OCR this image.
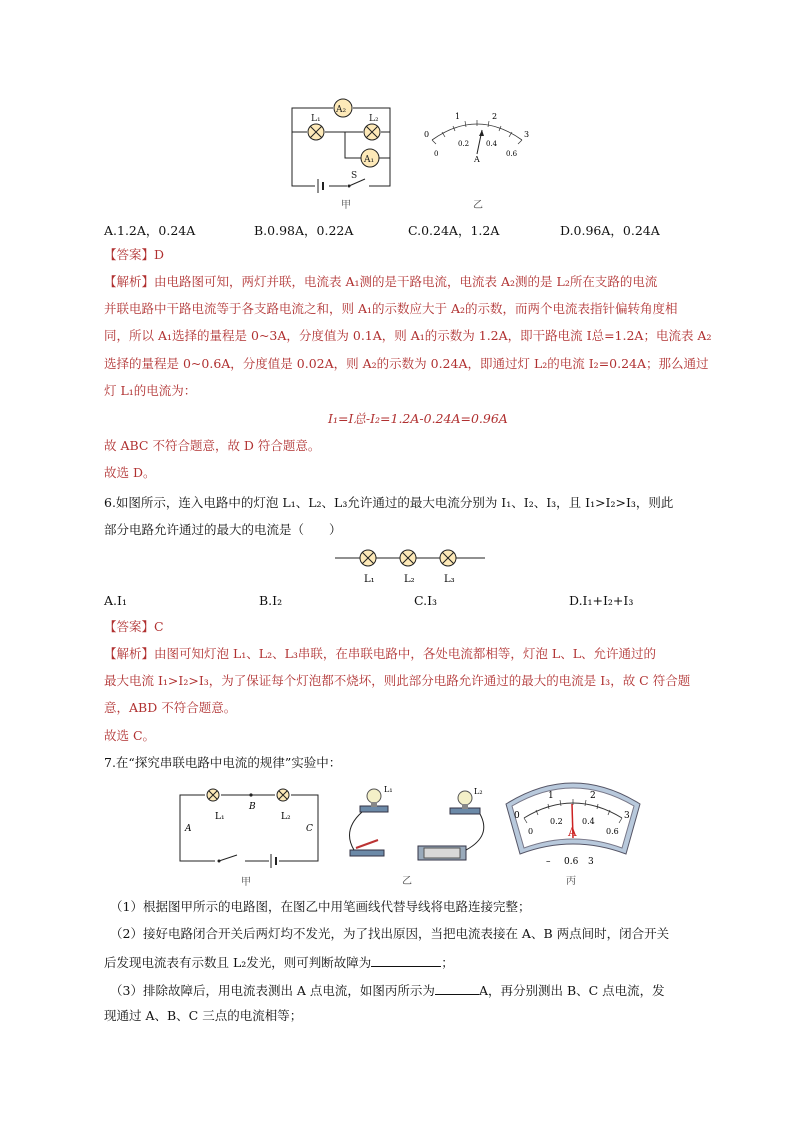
A₂
L₁	L₂
A₁
S
甲
0
1	2
3
0
0.2 0.4
0.6
A
乙
A.1.2A，0.24A	B.0.98A，0.22A	C.0.24A，1.2A	D.0.96A，0.24A
【答案】D
【解析】由电路图可知，两灯并联，电流表 A₁测的是干路电流，电流表 A₂测的是 L₂所在支路的电流
并联电路中干路电流等于各支路电流之和，则 A₁的示数应大于 A₂的示数，而两个电流表指针偏转角度相
同，所以 A₁选择的量程是 0~3A，分度值为 0.1A，则 A₁的示数为 1.2A，即干路电流 I总=1.2A；电流表 A₂
选择的量程是 0~0.6A，分度值是 0.02A，则 A₂的示数为 0.24A，即通过灯 L₂的电流 I₂=0.24A；那么通过
灯 L₁的电流为：
I₁=I总-I₂=1.2A-0.24A=0.96A
故 ABC 不符合题意，故 D 符合题意。
故选 D。
6.如图所示，连入电路中的灯泡 L₁、L₂、L₃允许通过的最大电流分别为 I₁、I₂、I₃，且 I₁>I₂>I₃，则此
部分电路允许通过的最大的电流是（　　）
L₁	L₂	L₃
A.I₁	B.I₂	C.I₃	D.I₁+I₂+I₃
【答案】C
【解析】由图可知灯泡 L₁、L₂、L₃串联，在串联电路中，各处电流都相等，灯泡 L、L、允许通过的
最大电流 I₁>I₂>I₃，为了保证每个灯泡都不烧坏，则此部分电路允许通过的最大的电流是 I₃，故 C 符合题
意，ABD 不符合题意。
故选 C。
7.在“探究串联电路中电流的规律”实验中：
L₁	L₂
B
A	C
甲
L₁	L₂
乙
0
1	2
3
0
0.2 0.4
0.6
A
– 0.6 3
丙
（1）根据图甲所示的电路图，在图乙中用笔画线代替导线将电路连接完整；
（2）接好电路闭合开关后两灯均不发光，为了找出原因，当把电流表接在 A、B 两点间时，闭合开关
后发现电流表有示数且 L₂发光，则可判断故障为	；
（3）排除故障后，用电流表测出 A 点电流，如图丙所示为	A，再分别测出 B、C 点电流，发
现通过 A、B、C 三点的电流相等；
